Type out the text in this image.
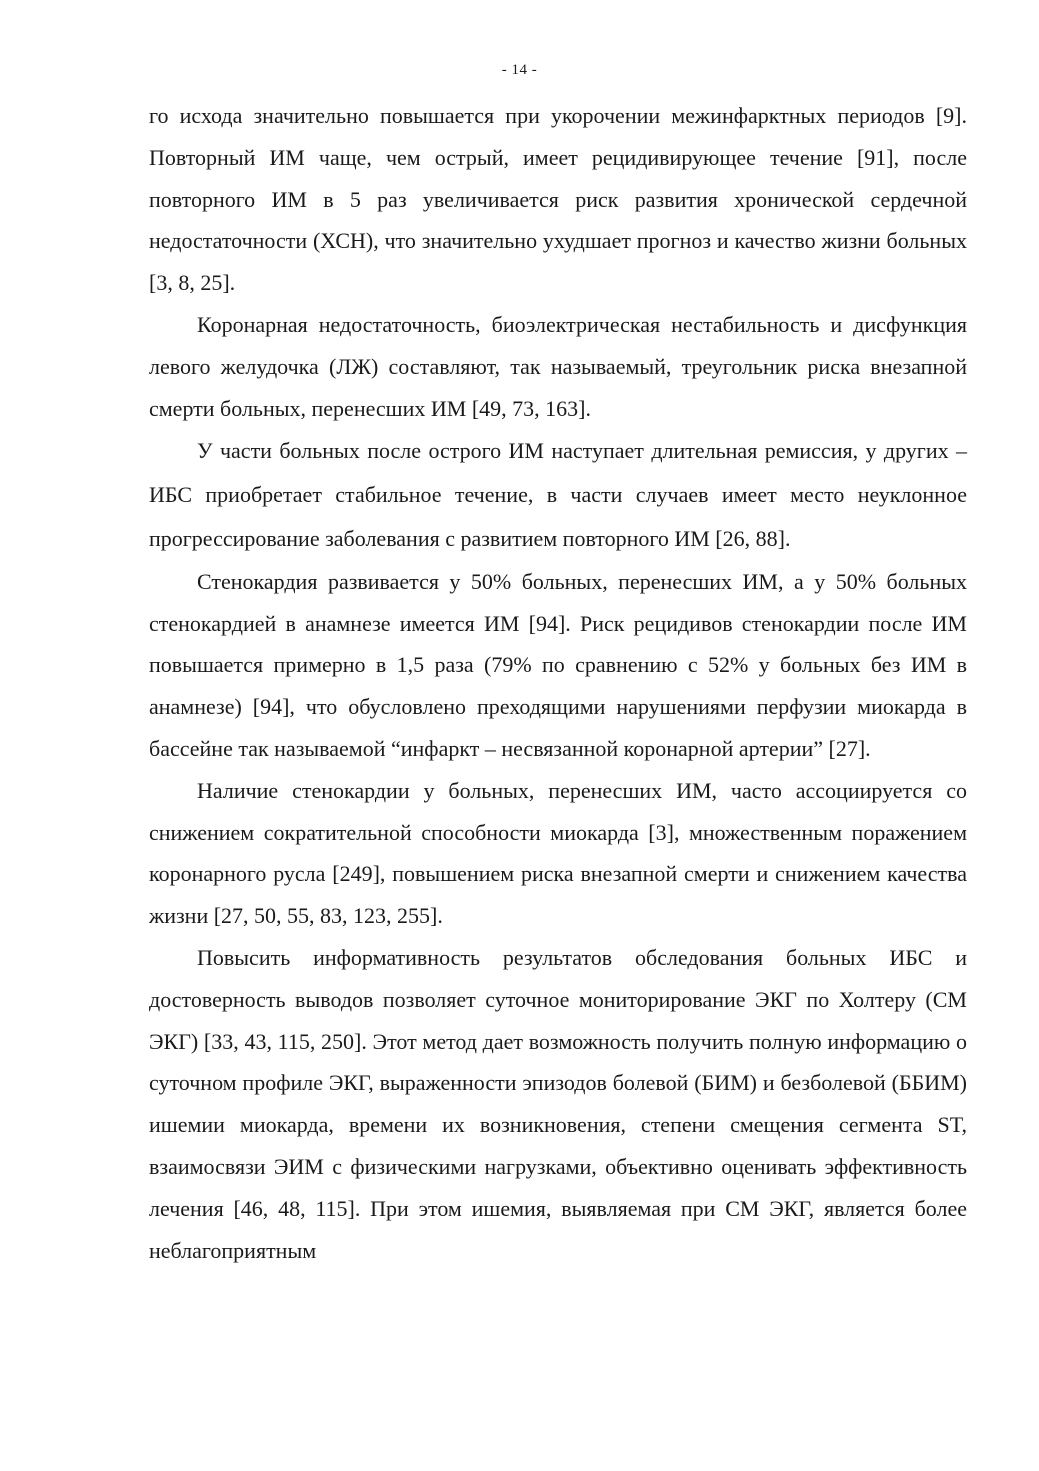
- 14 -

го исхода значительно повышается при укорочении межинфарктных периодов [9]. Повторный ИМ чаще, чем острый, имеет рецидивирующее течение [91], после повторного ИМ в 5 раз увеличивается риск развития хронической сердечной недостаточности (ХСН), что значительно ухудшает прогноз и качество жизни больных [3, 8, 25].

Коронарная недостаточность, биоэлектрическая нестабильность и дисфункция левого желудочка (ЛЖ) составляют, так называемый, треугольник риска внезапной смерти больных, перенесших ИМ [49, 73, 163].

У части больных после острого ИМ наступает длительная ремиссия, у других – ИБС приобретает стабильное течение, в части случаев имеет место неуклонное прогрессирование заболевания с развитием повторного ИМ [26, 88].

Стенокардия развивается у 50% больных, перенесших ИМ, а у 50% больных стенокардией в анамнезе имеется ИМ [94]. Риск рецидивов стенокардии после ИМ повышается примерно в 1,5 раза (79% по сравнению с 52% у больных без ИМ в анамнезе) [94], что обусловлено преходящими нарушениями перфузии миокарда в бассейне так называемой “инфаркт – несвязанной коронарной артерии” [27].

Наличие стенокардии у больных, перенесших ИМ, часто ассоциируется со снижением сократительной способности миокарда [3], множественным поражением коронарного русла [249], повышением риска внезапной смерти и снижением качества жизни [27, 50, 55, 83, 123, 255].

Повысить информативность результатов обследования больных ИБС и достоверность выводов позволяет суточное мониторирование ЭКГ по Холтеру (СМ ЭКГ) [33, 43, 115, 250]. Этот метод дает возможность получить полную информацию о суточном профиле ЭКГ, выраженности эпизодов болевой (БИМ) и безболевой (ББИМ) ишемии миокарда, времени их возникновения, степени смещения сегмента ST, взаимосвязи ЭИМ с физическими нагрузками, объективно оценивать эффективность лечения [46, 48, 115]. При этом ишемия, выявляемая при СМ ЭКГ, является более неблагоприятным
